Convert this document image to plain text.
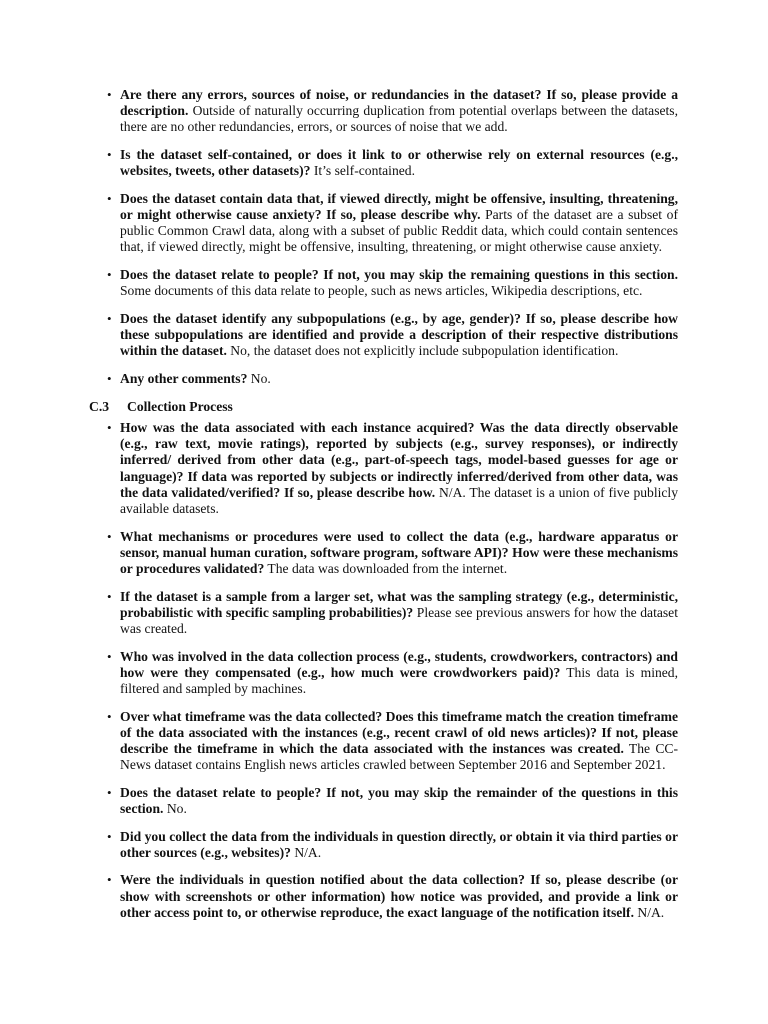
• Are there any errors, sources of noise, or redundancies in the dataset? If so, please provide a description. Outside of naturally occurring duplication from potential overlaps between the datasets, there are no other redundancies, errors, or sources of noise that we add.
• Is the dataset self-contained, or does it link to or otherwise rely on external resources (e.g., websites, tweets, other datasets)? It’s self-contained.
• Does the dataset contain data that, if viewed directly, might be offensive, insulting, threatening, or might otherwise cause anxiety? If so, please describe why. Parts of the dataset are a subset of public Common Crawl data, along with a subset of public Reddit data, which could contain sentences that, if viewed directly, might be offensive, insulting, threatening, or might otherwise cause anxiety.
• Does the dataset relate to people? If not, you may skip the remaining questions in this section. Some documents of this data relate to people, such as news articles, Wikipedia descriptions, etc.
• Does the dataset identify any subpopulations (e.g., by age, gender)? If so, please describe how these subpopulations are identified and provide a description of their respective distributions within the dataset. No, the dataset does not explicitly include subpopulation identification.
• Any other comments? No.
C.3 Collection Process
• How was the data associated with each instance acquired? Was the data directly observable (e.g., raw text, movie ratings), reported by subjects (e.g., survey responses), or indirectly inferred/ derived from other data (e.g., part-of-speech tags, model-based guesses for age or language)? If data was reported by subjects or indirectly inferred/derived from other data, was the data validated/verified? If so, please describe how. N/A. The dataset is a union of five publicly available datasets.
• What mechanisms or procedures were used to collect the data (e.g., hardware apparatus or sensor, manual human curation, software program, software API)? How were these mechanisms or procedures validated? The data was downloaded from the internet.
• If the dataset is a sample from a larger set, what was the sampling strategy (e.g., deterministic, probabilistic with specific sampling probabilities)? Please see previous answers for how the dataset was created.
• Who was involved in the data collection process (e.g., students, crowdworkers, contractors) and how were they compensated (e.g., how much were crowdworkers paid)? This data is mined, filtered and sampled by machines.
• Over what timeframe was the data collected? Does this timeframe match the creation timeframe of the data associated with the instances (e.g., recent crawl of old news articles)? If not, please describe the timeframe in which the data associated with the instances was created. The CC-News dataset contains English news articles crawled between September 2016 and September 2021.
• Does the dataset relate to people? If not, you may skip the remainder of the questions in this section. No.
• Did you collect the data from the individuals in question directly, or obtain it via third parties or other sources (e.g., websites)? N/A.
• Were the individuals in question notified about the data collection? If so, please describe (or show with screenshots or other information) how notice was provided, and provide a link or other access point to, or otherwise reproduce, the exact language of the notification itself. N/A.
